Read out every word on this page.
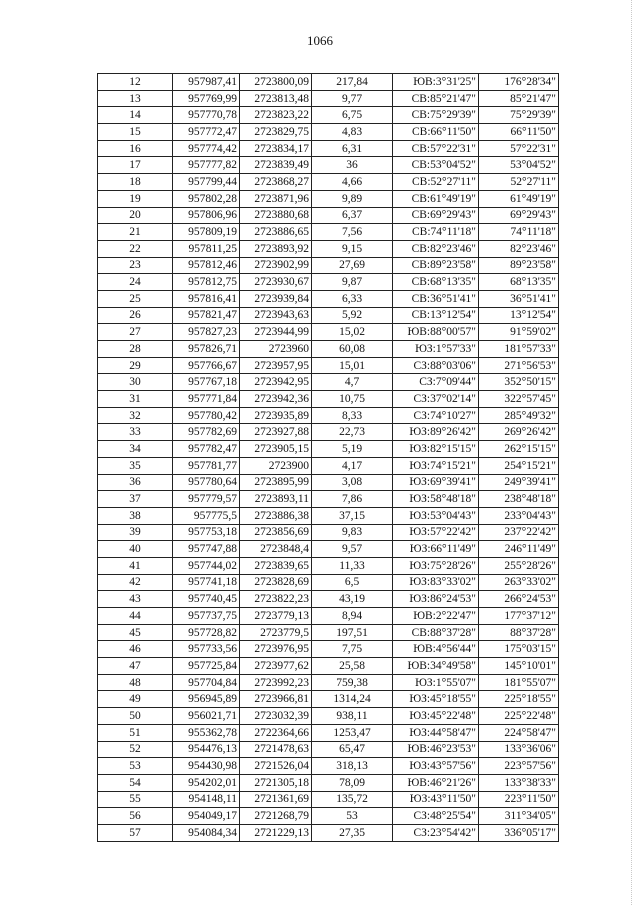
1066
12	957987,41	2723800,09	217,84	ЮВ:3°31'25"	176°28'34"
13	957769,99	2723813,48	9,77	СВ:85°21'47"	85°21'47"
14	957770,78	2723823,22	6,75	СВ:75°29'39"	75°29'39"
15	957772,47	2723829,75	4,83	СВ:66°11'50"	66°11'50"
16	957774,42	2723834,17	6,31	СВ:57°22'31"	57°22'31"
17	957777,82	2723839,49	36	СВ:53°04'52"	53°04'52"
18	957799,44	2723868,27	4,66	СВ:52°27'11"	52°27'11"
19	957802,28	2723871,96	9,89	СВ:61°49'19"	61°49'19"
20	957806,96	2723880,68	6,37	СВ:69°29'43"	69°29'43"
21	957809,19	2723886,65	7,56	СВ:74°11'18"	74°11'18"
22	957811,25	2723893,92	9,15	СВ:82°23'46"	82°23'46"
23	957812,46	2723902,99	27,69	СВ:89°23'58"	89°23'58"
24	957812,75	2723930,67	9,87	СВ:68°13'35"	68°13'35"
25	957816,41	2723939,84	6,33	СВ:36°51'41"	36°51'41"
26	957821,47	2723943,63	5,92	СВ:13°12'54"	13°12'54"
27	957827,23	2723944,99	15,02	ЮВ:88°00'57"	91°59'02"
28	957826,71	2723960	60,08	ЮЗ:1°57'33"	181°57'33"
29	957766,67	2723957,95	15,01	СЗ:88°03'06"	271°56'53"
30	957767,18	2723942,95	4,7	СЗ:7°09'44"	352°50'15"
31	957771,84	2723942,36	10,75	СЗ:37°02'14"	322°57'45"
32	957780,42	2723935,89	8,33	СЗ:74°10'27"	285°49'32"
33	957782,69	2723927,88	22,73	ЮЗ:89°26'42"	269°26'42"
34	957782,47	2723905,15	5,19	ЮЗ:82°15'15"	262°15'15"
35	957781,77	2723900	4,17	ЮЗ:74°15'21"	254°15'21"
36	957780,64	2723895,99	3,08	ЮЗ:69°39'41"	249°39'41"
37	957779,57	2723893,11	7,86	ЮЗ:58°48'18"	238°48'18"
38	957775,5	2723886,38	37,15	ЮЗ:53°04'43"	233°04'43"
39	957753,18	2723856,69	9,83	ЮЗ:57°22'42"	237°22'42"
40	957747,88	2723848,4	9,57	ЮЗ:66°11'49"	246°11'49"
41	957744,02	2723839,65	11,33	ЮЗ:75°28'26"	255°28'26"
42	957741,18	2723828,69	6,5	ЮЗ:83°33'02"	263°33'02"
43	957740,45	2723822,23	43,19	ЮЗ:86°24'53"	266°24'53"
44	957737,75	2723779,13	8,94	ЮВ:2°22'47"	177°37'12"
45	957728,82	2723779,5	197,51	СВ:88°37'28"	88°37'28"
46	957733,56	2723976,95	7,75	ЮВ:4°56'44"	175°03'15"
47	957725,84	2723977,62	25,58	ЮВ:34°49'58"	145°10'01"
48	957704,84	2723992,23	759,38	ЮЗ:1°55'07"	181°55'07"
49	956945,89	2723966,81	1314,24	ЮЗ:45°18'55"	225°18'55"
50	956021,71	2723032,39	938,11	ЮЗ:45°22'48"	225°22'48"
51	955362,78	2722364,66	1253,47	ЮЗ:44°58'47"	224°58'47"
52	954476,13	2721478,63	65,47	ЮВ:46°23'53"	133°36'06"
53	954430,98	2721526,04	318,13	ЮЗ:43°57'56"	223°57'56"
54	954202,01	2721305,18	78,09	ЮВ:46°21'26"	133°38'33"
55	954148,11	2721361,69	135,72	ЮЗ:43°11'50"	223°11'50"
56	954049,17	2721268,79	53	СЗ:48°25'54"	311°34'05"
57	954084,34	2721229,13	27,35	СЗ:23°54'42"	336°05'17"
